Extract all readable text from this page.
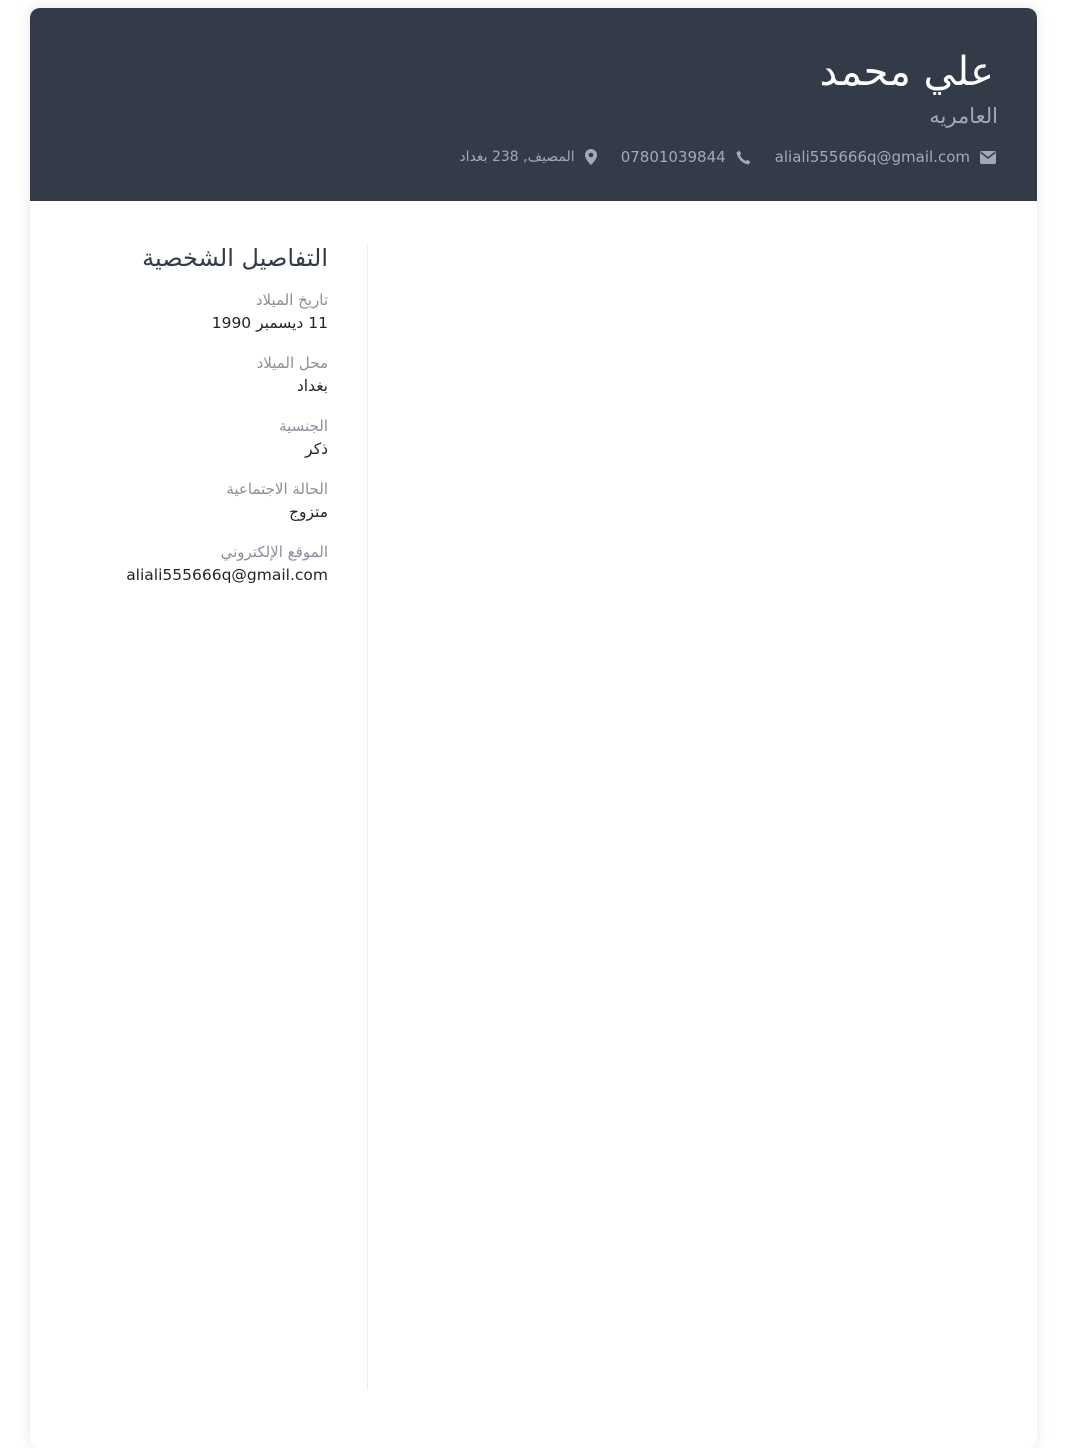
علي محمد
العامريه
aliali555666q@gmail.com
07801039844
المصيف, 238 بغداد
التفاصيل الشخصية
تاريخ الميلاد
11 ديسمبر 1990
محل الميلاد
بغداد
الجنسية
ذكر
الحالة الاجتماعية
متزوج
الموقع الإلكتروني
aliali555666q@gmail.com
